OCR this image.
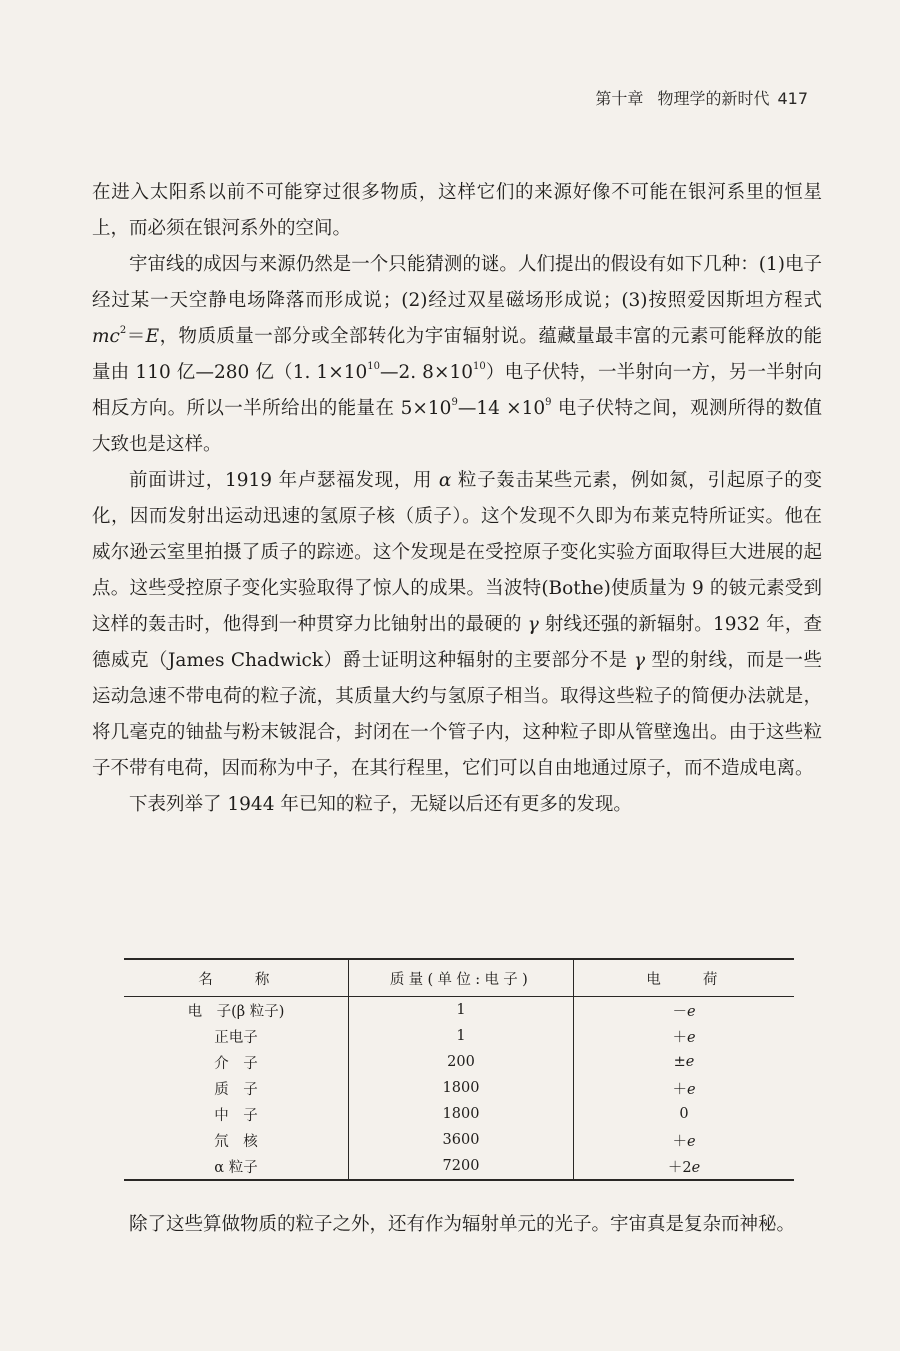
第十章 物理学的新时代 417

在进入太阳系以前不可能穿过很多物质，这样它们的来源好像不可能在银河系里的恒星上，而必须在银河系外的空间。

宇宙线的成因与来源仍然是一个只能猜测的谜。人们提出的假设有如下几种：(1)电子经过某一天空静电场降落而形成说；(2)经过双星磁场形成说；(3)按照爱因斯坦方程式 $mc^2=E$，物质质量一部分或全部转化为宇宙辐射说。蕴藏量最丰富的元素可能释放的能量由 110 亿—280 亿（1. $1\times 10^{10}—2$. $8\times 10^{10}$）电子伏特，一半射向一方，另一半射向相反方向。所以一半所给出的能量在 $5\times 10^9—14 \times 10^9$ 电子伏特之间，观测所得的数值大致也是这样。

前面讲过，1919 年卢瑟福发现，用 α 粒子轰击某些元素，例如氮，引起原子的变化，因而发射出运动迅速的氢原子核（质子）。这个发现不久即为布莱克特所证实。他在威尔逊云室里拍摄了质子的踪迹。这个发现是在受控原子变化实验方面取得巨大进展的起点。这些受控原子变化实验取得了惊人的成果。当波特(Bothe)使质量为 9 的铍元素受到这样的轰击时，他得到一种贯穿力比铀射出的最硬的 γ 射线还强的新辐射。1932 年，查德威克（James Chadwick）爵士证明这种辐射的主要部分不是 γ 型的射线，而是一些运动急速不带电荷的粒子流，其质量大约与氢原子相当。取得这些粒子的简便办法就是，将几毫克的铀盐与粉末铍混合，封闭在一个管子内，这种粒子即从管壁逸出。由于这些粒子不带有电荷，因而称为中子，在其行程里，它们可以自由地通过原子，而不造成电离。

下表列举了 1944 年已知的粒子，无疑以后还有更多的发现。

名　　称	质量(单位:电子)	电　　荷
电　子(β 粒子)	1	－e
正电子	1	＋e
介　子	200	±e
质　子	1800	＋e
中　子	1800	0
氘　核	3600	＋e
α 粒子	7200	＋2e

除了这些算做物质的粒子之外，还有作为辐射单元的光子。宇宙真是复杂而神秘。
